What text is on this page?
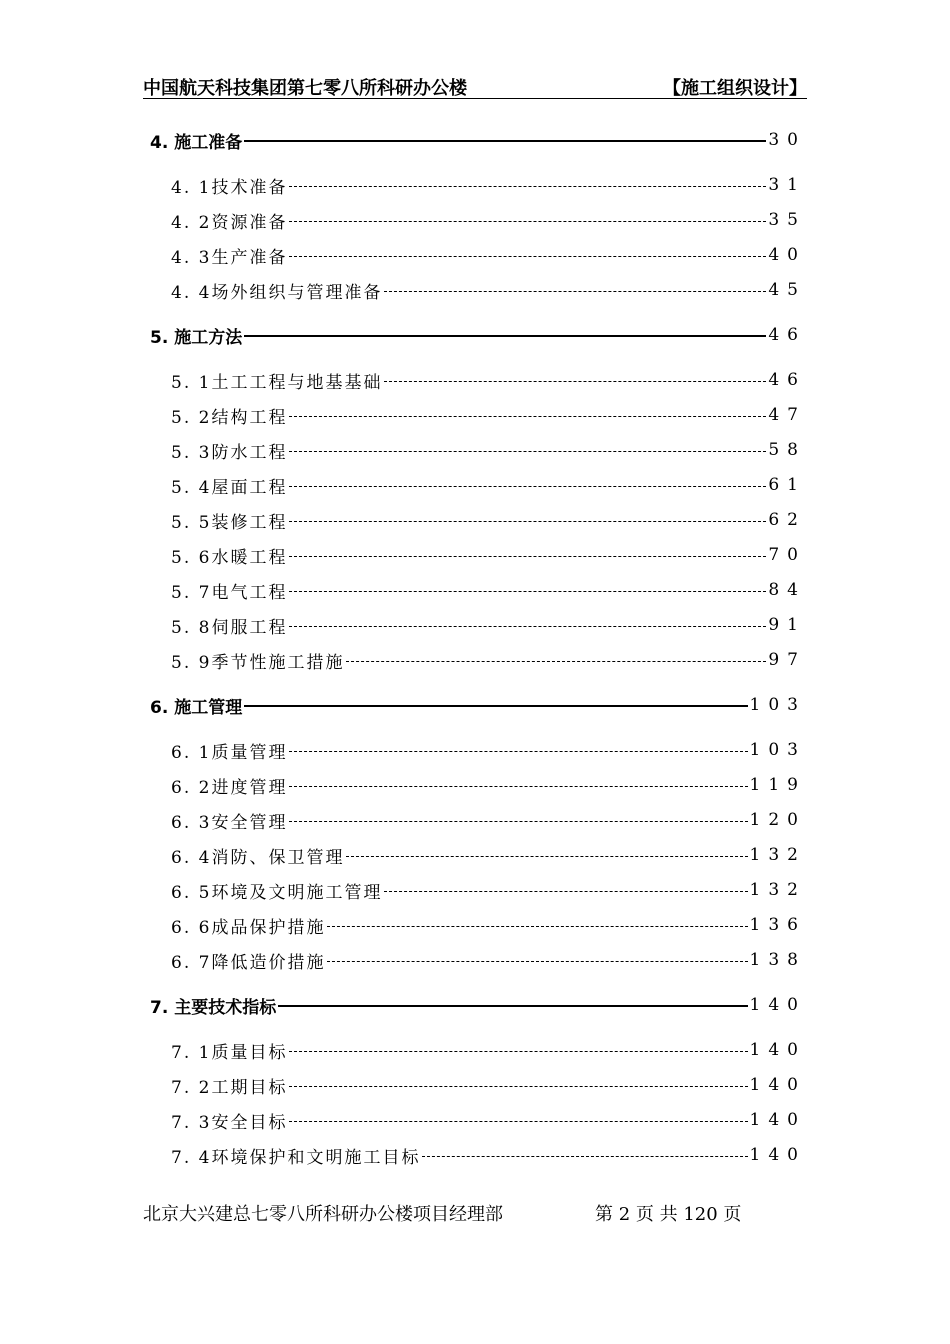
中国航天科技集团第七零八所科研办公楼	【施工组织设计】
4. 施工准备	30
4. 1技术准备	31
4. 2资源准备	35
4. 3生产准备	40
4. 4场外组织与管理准备	45
5. 施工方法	46
5. 1土工工程与地基基础	46
5. 2结构工程	47
5. 3防水工程	58
5. 4屋面工程	61
5. 5装修工程	62
5. 6水暖工程	70
5. 7电气工程	84
5. 8伺服工程	91
5. 9季节性施工措施	97
6. 施工管理	103
6. 1质量管理	103
6. 2进度管理	119
6. 3安全管理	120
6. 4消防、保卫管理	132
6. 5环境及文明施工管理	132
6. 6成品保护措施	136
6. 7降低造价措施	138
7. 主要技术指标	140
7. 1质量目标	140
7. 2工期目标	140
7. 3安全目标	140
7. 4环境保护和文明施工目标	140
北京大兴建总七零八所科研办公楼项目经理部	第 2 页 共 120 页
